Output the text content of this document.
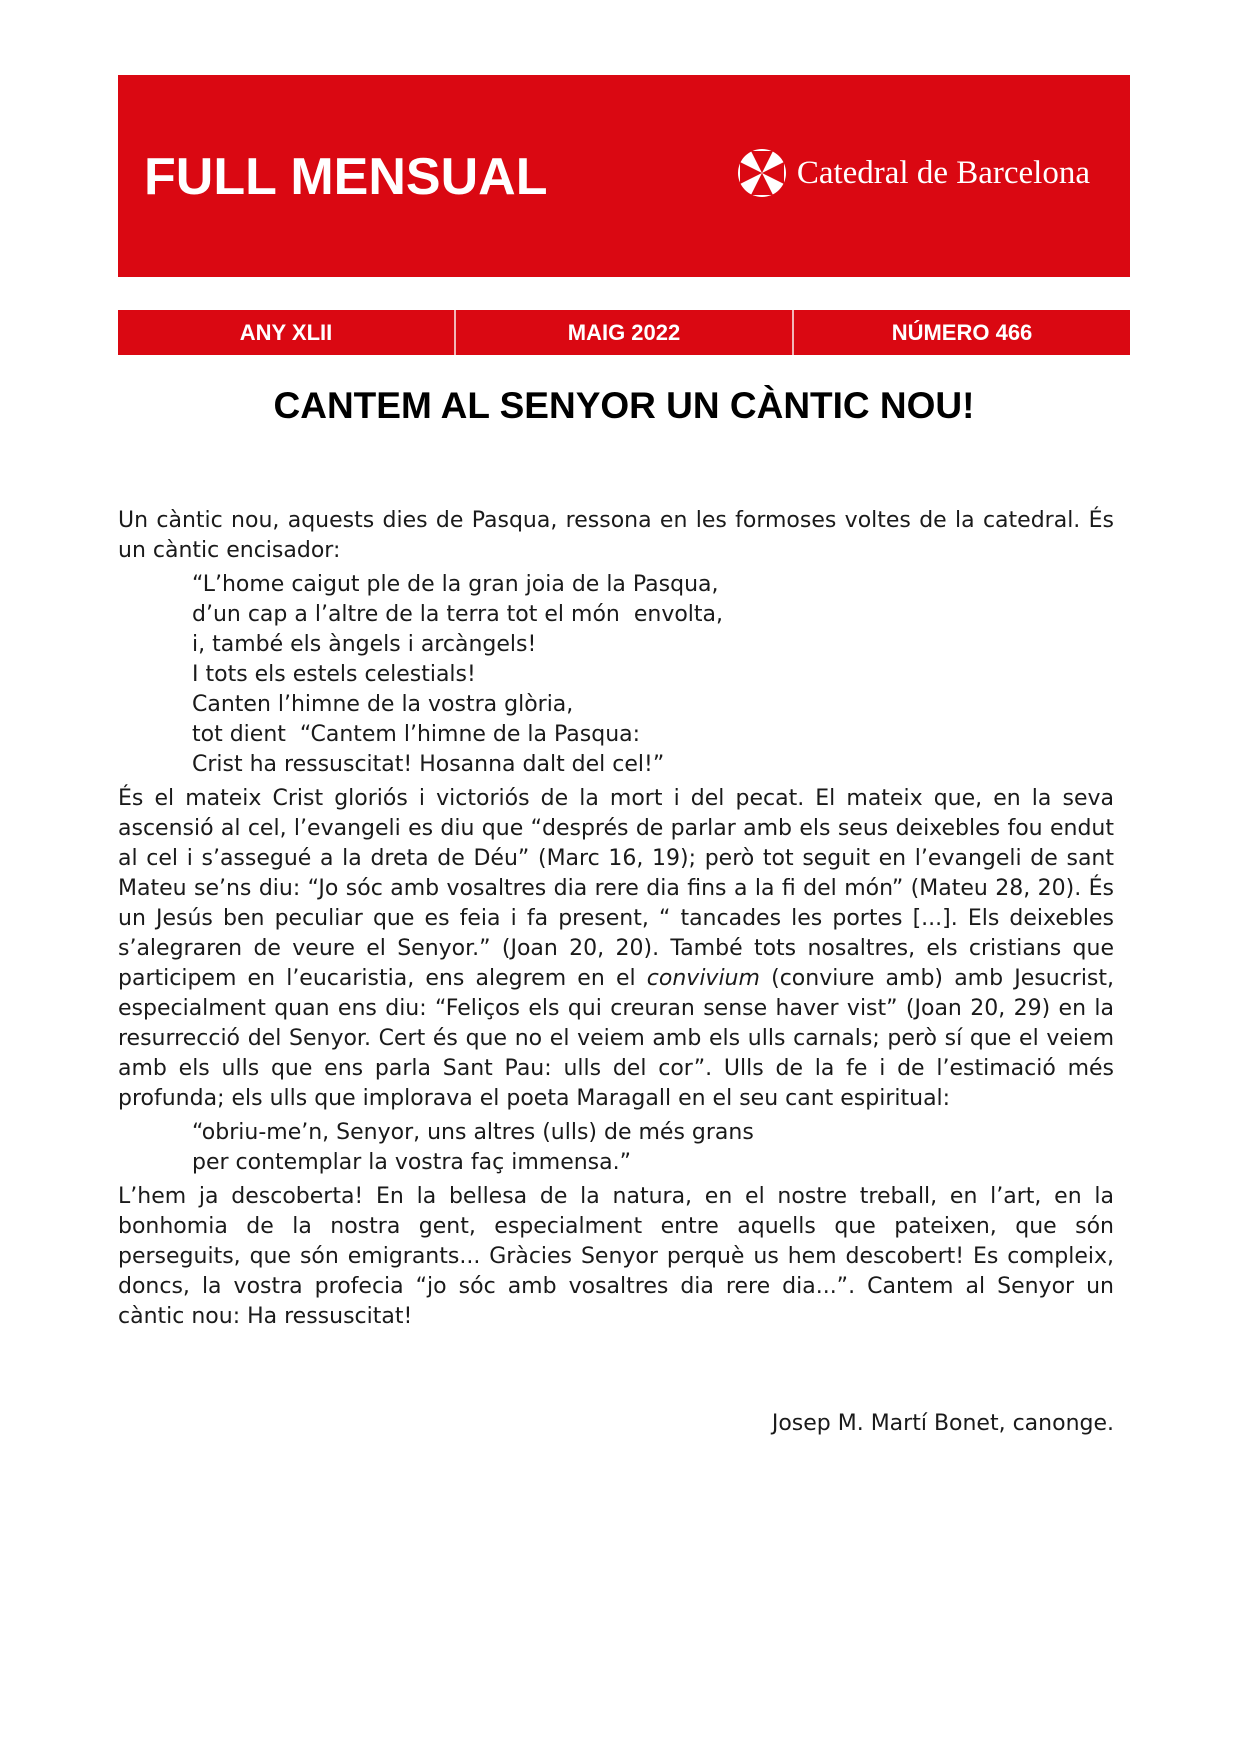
FULL MENSUAL	Catedral de Barcelona
ANY XLII	MAIG 2022	NÚMERO 466
CANTEM AL SENYOR UN CÀNTIC NOU!

Un càntic nou, aquests dies de Pasqua, ressona en les formoses voltes de la catedral. És un càntic encisador:

“L’home caigut ple de la gran joia de la Pasqua,
d’un cap a l’altre de la terra tot el món  envolta,
i, també els àngels i arcàngels!
I tots els estels celestials!
Canten l’himne de la vostra glòria,
tot dient  “Cantem l’himne de la Pasqua:
Crist ha ressuscitat! Hosanna dalt del cel!”

És el mateix Crist gloriós i victoriós de la mort i del pecat. El mateix que, en la seva ascensió al cel, l’evangeli es diu que “després de parlar amb els seus deixebles fou endut al cel i s’assegué a la dreta de Déu” (Marc 16, 19); però tot seguit en l’evangeli de sant Mateu se’ns diu: “Jo sóc amb vosaltres dia rere dia fins a la fi del món” (Mateu 28, 20). És un Jesús ben peculiar que es feia i fa present, “ tancades les portes [...]. Els deixebles s’alegraren de veure el Senyor.” (Joan 20, 20). També tots nosaltres, els cristians que participem en l’eucaristia, ens alegrem en el convivium (conviure amb) amb Jesucrist, especialment quan ens diu: “Feliços els qui creuran sense haver vist” (Joan 20, 29) en la resurrecció del Senyor. Cert és que no el veiem amb els ulls carnals; però sí que el veiem amb els ulls que ens parla Sant Pau: ulls del cor”. Ulls de la fe i de l’estimació més profunda; els ulls que implorava el poeta Maragall en el seu cant espiritual:

“obriu-me’n, Senyor, uns altres (ulls) de més grans
per contemplar la vostra faç immensa.”

L’hem ja descoberta! En la bellesa de la natura, en el nostre treball, en l’art, en la bonhomia de la nostra gent, especialment entre aquells que pateixen, que són perseguits, que són emigrants... Gràcies Senyor perquè us hem descobert! Es compleix, doncs, la vostra profecia “jo sóc amb vosaltres dia rere dia...”. Cantem al Senyor un càntic nou: Ha ressuscitat!

Josep M. Martí Bonet, canonge.
